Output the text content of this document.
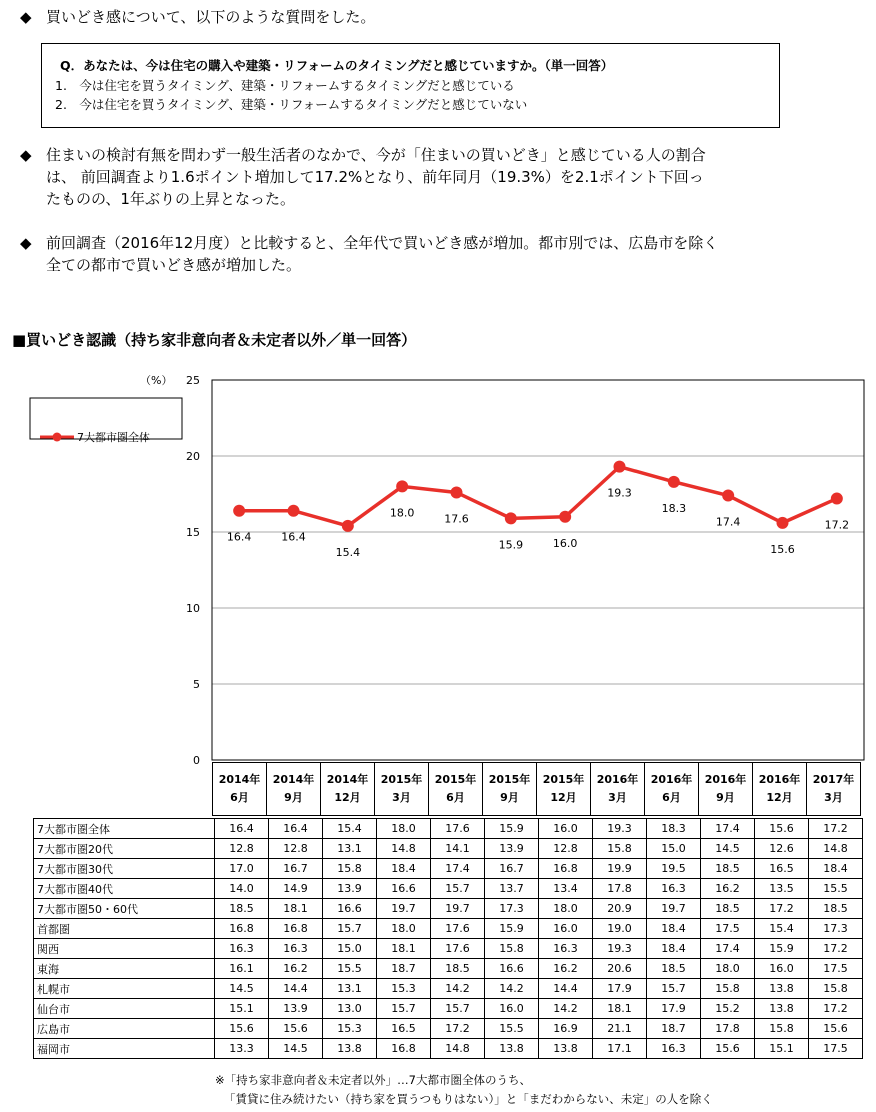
◆ 買いどき感について、以下のような質問をした。
Q．あなたは、今は住宅の購入や建築・リフォームのタイミングだと感じていますか。（単一回答）
1.　今は住宅を買うタイミング、建築・リフォームするタイミングだと感じている
2.　今は住宅を買うタイミング、建築・リフォームするタイミングだと感じていない
◆ 住まいの検討有無を問わず一般生活者のなかで、今が「住まいの買いどき」と感じている人の割合
は、 前回調査より1.6ポイント増加して17.2%となり、前年同月（19.3%）を2.1ポイント下回っ
たものの、1年ぶりの上昇となった。
◆ 前回調査（2016年12月度）と比較すると、全年代で買いどき感が増加。都市別では、広島市を除く
全ての都市で買いどき感が増加した。
■買いどき認識（持ち家非意向者＆未定者以外／単一回答）
0
5
10
15
20
25
（%）
16.4	16.4
15.4
18.0	17.6
15.9	16.0
19.3
18.3
17.4
15.6
17.2
7大都市圏全体
2014年
6月	2014年
9月	2014年
12月	2015年
3月	2015年
6月	2015年
9月	2015年
12月	2016年
3月	2016年
6月	2016年
9月	2016年
12月	2017年
3月
7大都市圏全体	16.4	16.4	15.4	18.0	17.6	15.9	16.0	19.3	18.3	17.4	15.6	17.2
7大都市圏20代	12.8	12.8	13.1	14.8	14.1	13.9	12.8	15.8	15.0	14.5	12.6	14.8
7大都市圏30代	17.0	16.7	15.8	18.4	17.4	16.7	16.8	19.9	19.5	18.5	16.5	18.4
7大都市圏40代	14.0	14.9	13.9	16.6	15.7	13.7	13.4	17.8	16.3	16.2	13.5	15.5
7大都市圏50・60代	18.5	18.1	16.6	19.7	19.7	17.3	18.0	20.9	19.7	18.5	17.2	18.5
首都圏	16.8	16.8	15.7	18.0	17.6	15.9	16.0	19.0	18.4	17.5	15.4	17.3
関西	16.3	16.3	15.0	18.1	17.6	15.8	16.3	19.3	18.4	17.4	15.9	17.2
東海	16.1	16.2	15.5	18.7	18.5	16.6	16.2	20.6	18.5	18.0	16.0	17.5
札幌市	14.5	14.4	13.1	15.3	14.2	14.2	14.4	17.9	15.7	15.8	13.8	15.8
仙台市	15.1	13.9	13.0	15.7	15.7	16.0	14.2	18.1	17.9	15.2	13.8	17.2
広島市	15.6	15.6	15.3	16.5	17.2	15.5	16.9	21.1	18.7	17.8	15.8	15.6
福岡市	13.3	14.5	13.8	16.8	14.8	13.8	13.8	17.1	16.3	15.6	15.1	17.5
※「持ち家非意向者＆未定者以外」…7大都市圏全体のうち、
「賃貸に住み続けたい（持ち家を買うつもりはない）」と「まだわからない、未定」の人を除く
